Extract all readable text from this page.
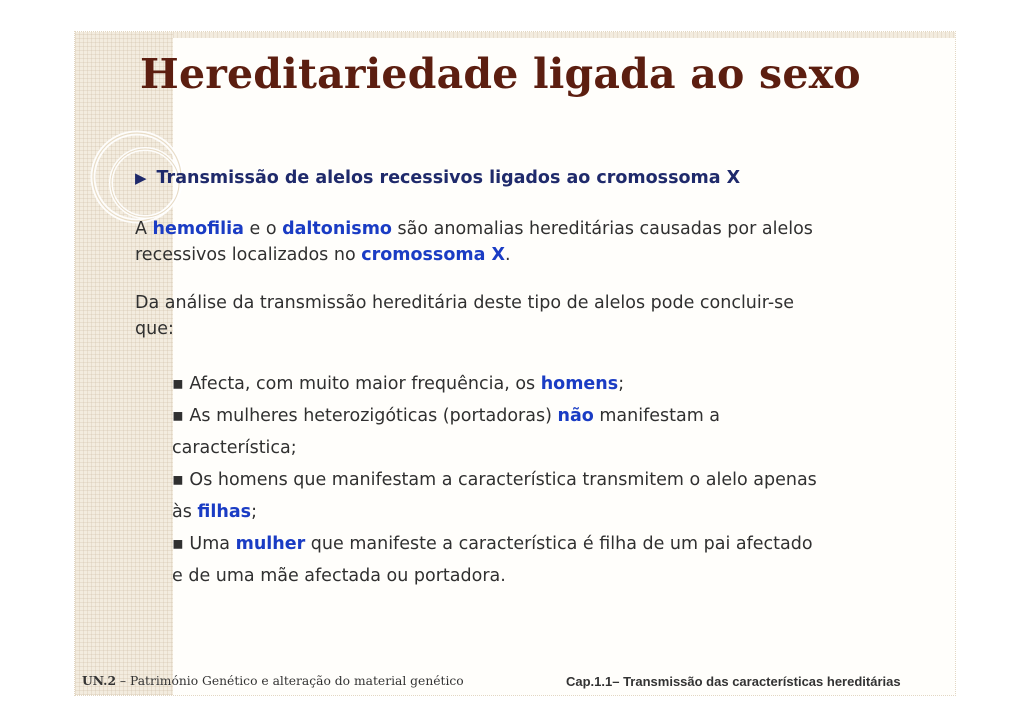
Hereditariedade ligada ao sexo
▶ Transmissão de alelos recessivos ligados ao cromossoma X

A hemofilia e o daltonismo são anomalias hereditárias causadas por alelos recessivos localizados no cromossoma X.

Da análise da transmissão hereditária deste tipo de alelos pode concluir-se que:

▪ Afecta, com muito maior frequência, os homens;
▪ As mulheres heterozigóticas (portadoras) não manifestam a característica;
▪ Os homens que manifestam a característica transmitem o alelo apenas às filhas;
▪ Uma mulher que manifeste a característica é filha de um pai afectado e de uma mãe afectada ou portadora.
UN.2 – Património Genético e alteração do material genético	Cap.1.1– Transmissão das características hereditárias
